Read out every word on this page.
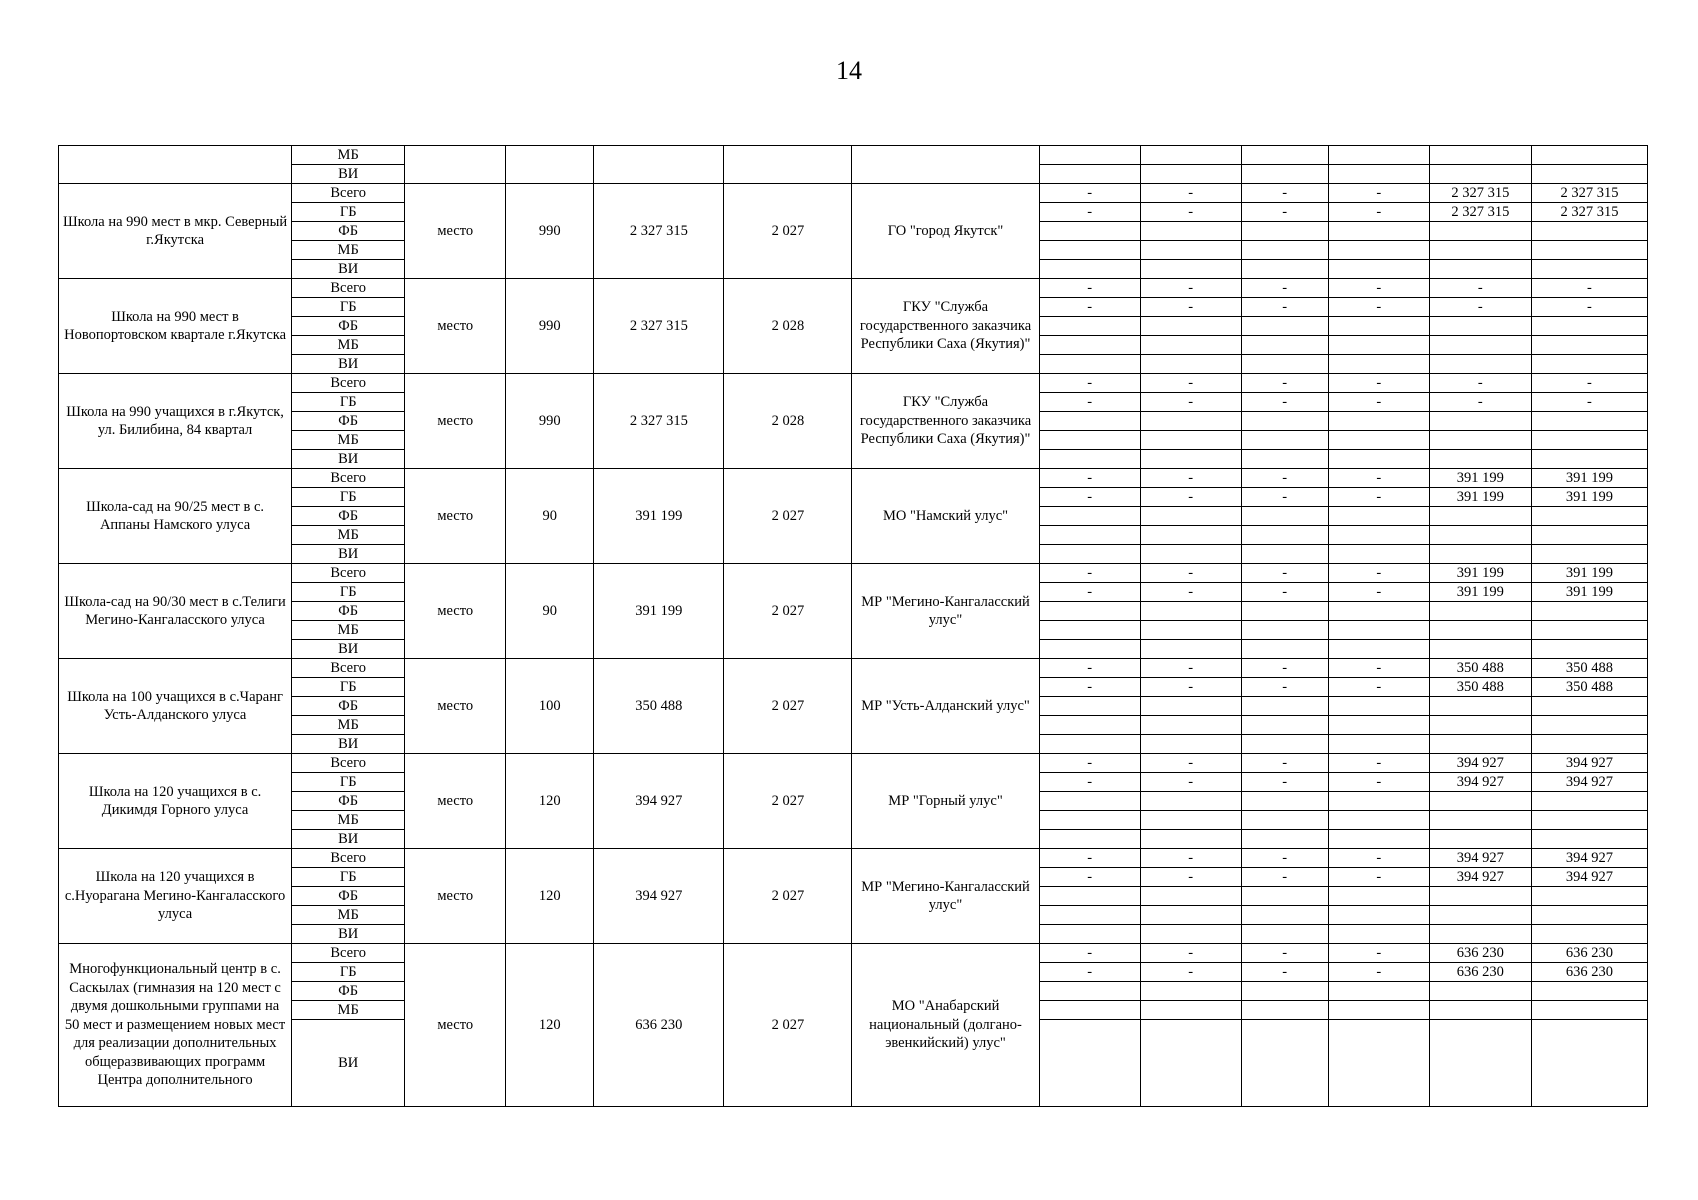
14
	МБ											
	ВИ											
Школа на 990 мест в мкр. Северный г.Якутска	Всего	место	990	2 327 315	2 027	ГО "город Якутск"	-	-	-	-	2 327 315	2 327 315
	ГБ						-	-	-	-	2 327 315	2 327 315
	ФБ											
	МБ											
	ВИ											
Школа на 990 мест в Новопортовском квартале г.Якутска	Всего	место	990	2 327 315	2 028	ГКУ "Служба государственного заказчика Республики Саха (Якутия)"	-	-	-	-	-	-
	ГБ						-	-	-	-	-	-
	ФБ											
	МБ											
	ВИ											
Школа на 990 учащихся в г.Якутск, ул. Билибина, 84 квартал	Всего	место	990	2 327 315	2 028	ГКУ "Служба государственного заказчика Республики Саха (Якутия)"	-	-	-	-	-	-
	ГБ						-	-	-	-	-	-
	ФБ											
	МБ											
	ВИ											
Школа-сад на 90/25 мест в с. Аппаны Намского улуса	Всего	место	90	391 199	2 027	МО "Намский улус"	-	-	-	-	391 199	391 199
	ГБ						-	-	-	-	391 199	391 199
	ФБ											
	МБ											
	ВИ											
Школа-сад на 90/30 мест в с.Телиги Мегино-Кангаласского улуса	Всего	место	90	391 199	2 027	МР "Мегино-Кангаласский улус"	-	-	-	-	391 199	391 199
	ГБ						-	-	-	-	391 199	391 199
	ФБ											
	МБ											
	ВИ											
Школа на 100 учащихся в с.Чаранг Усть-Алданского улуса	Всего	место	100	350 488	2 027	МР "Усть-Алданский улус"	-	-	-	-	350 488	350 488
	ГБ						-	-	-	-	350 488	350 488
	ФБ											
	МБ											
	ВИ											
Школа на 120 учащихся в с. Дикимдя Горного улуса	Всего	место	120	394 927	2 027	МР "Горный улус"	-	-	-	-	394 927	394 927
	ГБ						-	-	-	-	394 927	394 927
	ФБ											
	МБ											
	ВИ											
Школа на 120 учащихся в с.Нуорагана Мегино-Кангаласского улуса	Всего	место	120	394 927	2 027	МР "Мегино-Кангаласский улус"	-	-	-	-	394 927	394 927
	ГБ						-	-	-	-	394 927	394 927
	ФБ											
	МБ											
	ВИ											
Многофункциональный центр в с. Саскылах (гимназия на 120 мест с двумя дошкольными группами на 50 мест и размещением новых мест для реализации дополнительных общеразвивающих программ Центра дополнительного	Всего	место	120	636 230	2 027	МО "Анабарский национальный (долгано-эвенкийский) улус"	-	-	-	-	636 230	636 230
	ГБ						-	-	-	-	636 230	636 230
	ФБ											
	МБ											
	ВИ											
